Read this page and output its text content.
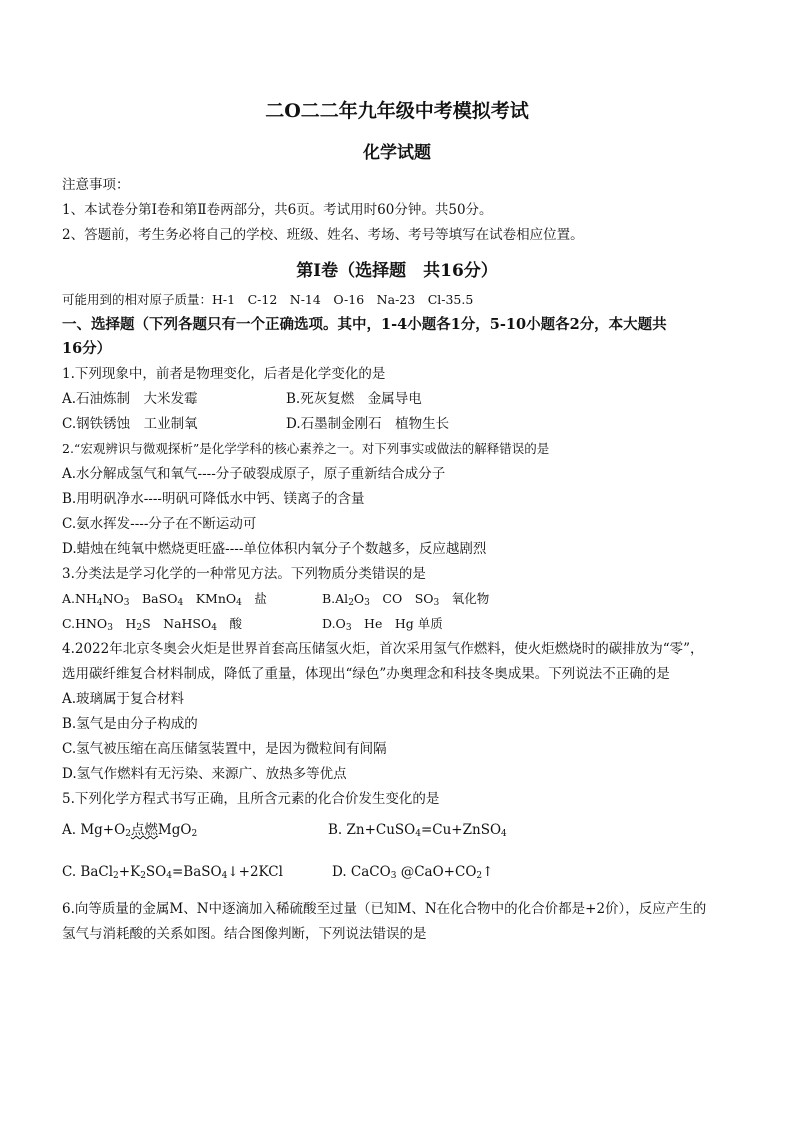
二O二二年九年级中考模拟考试
化学试题
注意事项：
1、本试卷分第Ⅰ卷和第Ⅱ卷两部分，共6页。考试用时60分钟。共50分。
2、答题前，考生务必将自己的学校、班级、姓名、考场、考号等填写在试卷相应位置。
第Ⅰ卷（选择题　共16分）
可能用到的相对原子质量：H-1　C-12　N-14　O-16　Na-23　Cl-35.5
一、选择题（下列各题只有一个正确选项。其中，1-4小题各1分，5-10小题各2分，本大题共
16分）
1.下列现象中，前者是物理变化，后者是化学变化的是
A.石油炼制　大米发霉	B.死灰复燃　金属导电
C.钢铁锈蚀　工业制氧	D.石墨制金刚石　植物生长
2.“宏观辨识与微观探析”是化学学科的核心素养之一。对下列事实或做法的解释错误的是
A.水分解成氢气和氧气----分子破裂成原子，原子重新结合成分子
B.用明矾净水----明矾可降低水中钙、镁离子的含量
C.氨水挥发----分子在不断运动可
D.蜡烛在纯氧中燃烧更旺盛----单位体积内氧分子个数越多，反应越剧烈
3.分类法是学习化学的一种常见方法。下列物质分类错误的是
$A.NH_4NO_3$　BaSO$_4$　KMnO$_4$　盐	$B.Al_2O_3$　CO　$SO_3$　氧化物
$C.HNO_3$　$H_2S$　NaHSO$_4$　酸	$D.O_3$　He　Hg 单质
4.2022年北京冬奥会火炬是世界首套高压储氢火炬，首次采用氢气作燃料，使火炬燃烧时的碳排放为“零”，
选用碳纤维复合材料制成，降低了重量，体现出“绿色”办奥理念和科技冬奥成果。下列说法不正确的是
A.玻璃属于复合材料
B.氢气是由分子构成的
C.氢气被压缩在高压储氢装置中，是因为微粒间有间隔
D.氢气作燃料有无污染、来源广、放热多等优点
5.下列化学方程式书写正确，且所含元素的化合价发生变化的是
A. $Mg+O_2$点燃MgO$_2$	B. Zn+CuSO$_4$=Cu+ZnSO$_4$
C. $BaCl_2+K_2SO_4=BaSO_4↓+2KCl$	D. CaCO$_3$ $@CaO+CO_2↑$
6.向等质量的金属M、N中逐滴加入稀硫酸至过量（已知M、N在化合物中的化合价都是+2价），反应产生的
氢气与消耗酸的关系如图。结合图像判断，下列说法错误的是
